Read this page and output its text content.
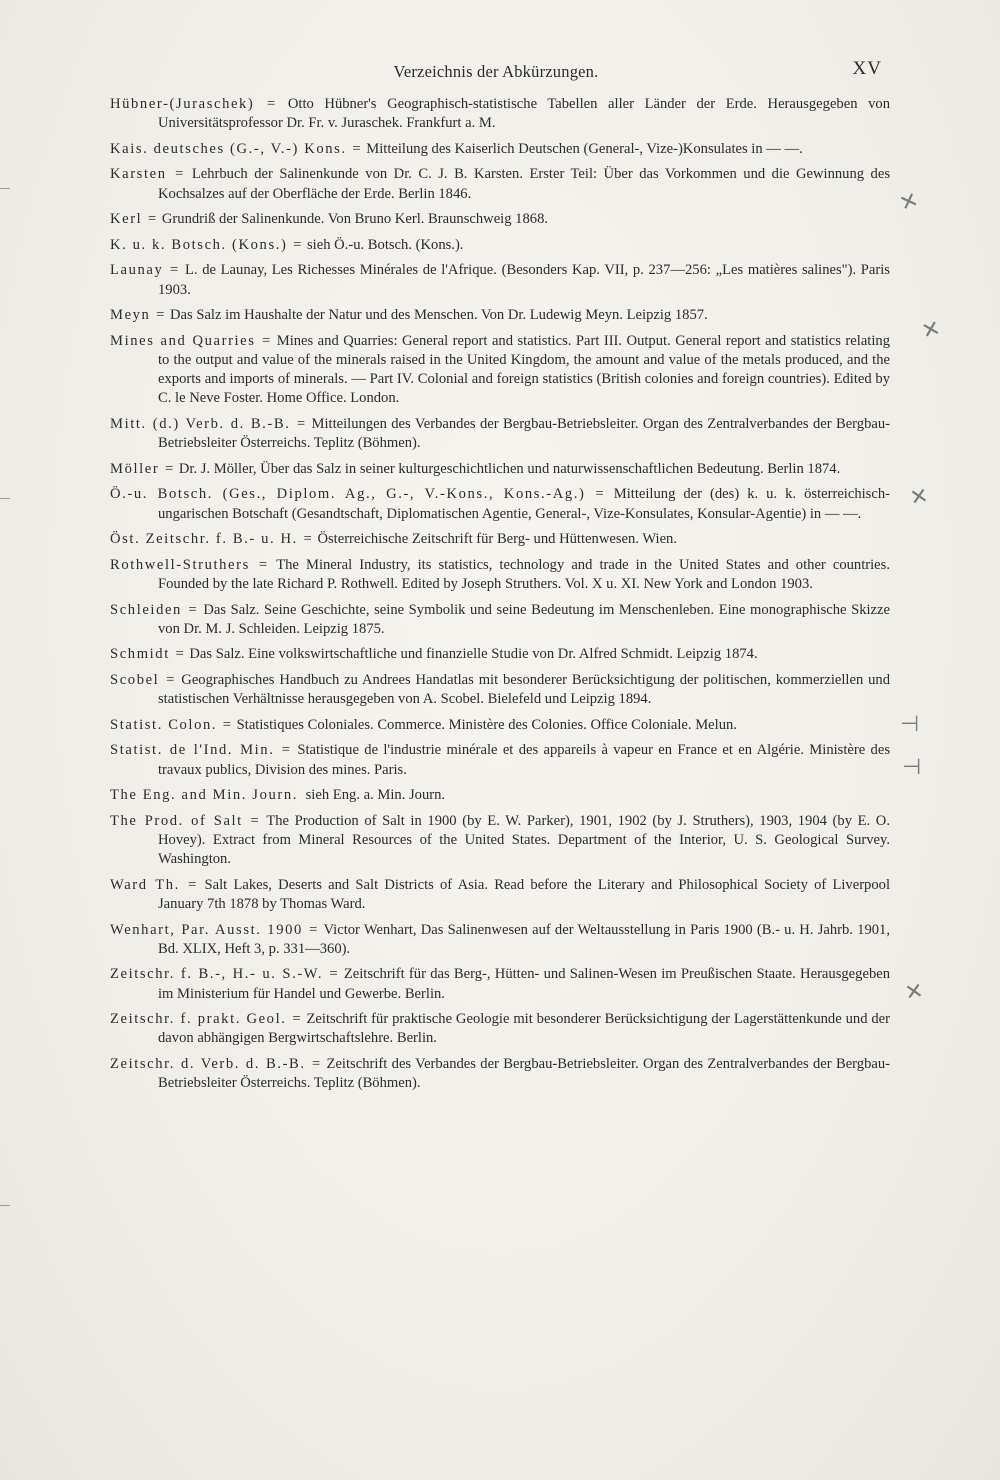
Verzeichnis der Abkürzungen.	XV

Hübner-(Juraschek) = Otto Hübner's Geographisch-statistische Tabellen aller Länder der Erde. Herausgegeben von Universitätsprofessor Dr. Fr. v. Juraschek. Frankfurt a. M.

Kais. deutsches (G.-, V.-) Kons. = Mitteilung des Kaiserlich Deutschen (General-, Vize-)Konsulates in — —.

Karsten = Lehrbuch der Salinenkunde von Dr. C. J. B. Karsten. Erster Teil: Über das Vorkommen und die Gewinnung des Kochsalzes auf der Oberfläche der Erde. Berlin 1846.

Kerl = Grundriß der Salinenkunde. Von Bruno Kerl. Braunschweig 1868.

K. u. k. Botsch. (Kons.) = sieh Ö.-u. Botsch. (Kons.).

Launay = L. de Launay, Les Richesses Minérales de l'Afrique. (Besonders Kap. VII, p. 237—256: „Les matières salines"). Paris 1903.

Meyn = Das Salz im Haushalte der Natur und des Menschen. Von Dr. Ludewig Meyn. Leipzig 1857.

Mines and Quarries = Mines and Quarries: General report and statistics. Part III. Output. General report and statistics relating to the output and value of the minerals raised in the United Kingdom, the amount and value of the metals produced, and the exports and imports of minerals. — Part IV. Colonial and foreign statistics (British colonies and foreign countries). Edited by C. le Neve Foster. Home Office. London.

Mitt. (d.) Verb. d. B.-B. = Mitteilungen des Verbandes der Bergbau-Betriebsleiter. Organ des Zentralverbandes der Bergbau-Betriebsleiter Österreichs. Teplitz (Böhmen).

Möller = Dr. J. Möller, Über das Salz in seiner kulturgeschichtlichen und naturwissenschaftlichen Bedeutung. Berlin 1874.

Ö.-u. Botsch. (Ges., Diplom. Ag., G.-, V.-Kons., Kons.-Ag.) = Mitteilung der (des) k. u. k. österreichisch-ungarischen Botschaft (Gesandtschaft, Diplomatischen Agentie, General-, Vize-Konsulates, Konsular-Agentie) in — —.

Öst. Zeitschr. f. B.- u. H. = Österreichische Zeitschrift für Berg- und Hüttenwesen. Wien.

Rothwell-Struthers = The Mineral Industry, its statistics, technology and trade in the United States and other countries. Founded by the late Richard P. Rothwell. Edited by Joseph Struthers. Vol. X u. XI. New York and London 1903.

Schleiden = Das Salz. Seine Geschichte, seine Symbolik und seine Bedeutung im Menschenleben. Eine monographische Skizze von Dr. M. J. Schleiden. Leipzig 1875.

Schmidt = Das Salz. Eine volkswirtschaftliche und finanzielle Studie von Dr. Alfred Schmidt. Leipzig 1874.

Scobel = Geographisches Handbuch zu Andrees Handatlas mit besonderer Berücksichtigung der politischen, kommerziellen und statistischen Verhältnisse herausgegeben von A. Scobel. Bielefeld und Leipzig 1894.

Statist. Colon. = Statistiques Coloniales. Commerce. Ministère des Colonies. Office Coloniale. Melun.

Statist. de l'Ind. Min. = Statistique de l'industrie minérale et des appareils à vapeur en France et en Algérie. Ministère des travaux publics, Division des mines. Paris.

The Eng. and Min. Journ. sieh Eng. a. Min. Journ.

The Prod. of Salt = The Production of Salt in 1900 (by E. W. Parker), 1901, 1902 (by J. Struthers), 1903, 1904 (by E. O. Hovey). Extract from Mineral Resources of the United States. Department of the Interior, U. S. Geological Survey. Washington.

Ward Th. = Salt Lakes, Deserts and Salt Districts of Asia. Read before the Literary and Philosophical Society of Liverpool January 7th 1878 by Thomas Ward.

Wenhart, Par. Ausst. 1900 = Victor Wenhart, Das Salinenwesen auf der Weltausstellung in Paris 1900 (B.- u. H. Jahrb. 1901, Bd. XLIX, Heft 3, p. 331—360).

Zeitschr. f. B.-, H.- u. S.-W. = Zeitschrift für das Berg-, Hütten- und Salinen-Wesen im Preußischen Staate. Herausgegeben im Ministerium für Handel und Gewerbe. Berlin.

Zeitschr. f. prakt. Geol. = Zeitschrift für praktische Geologie mit besonderer Berücksichtigung der Lagerstättenkunde und der davon abhängigen Bergwirtschaftslehre. Berlin.

Zeitschr. d. Verb. d. B.-B. = Zeitschrift des Verbandes der Bergbau-Betriebsleiter. Organ des Zentralverbandes der Bergbau-Betriebsleiter Österreichs. Teplitz (Böhmen).

✕
✕
✕
⊣
⊣
✕
